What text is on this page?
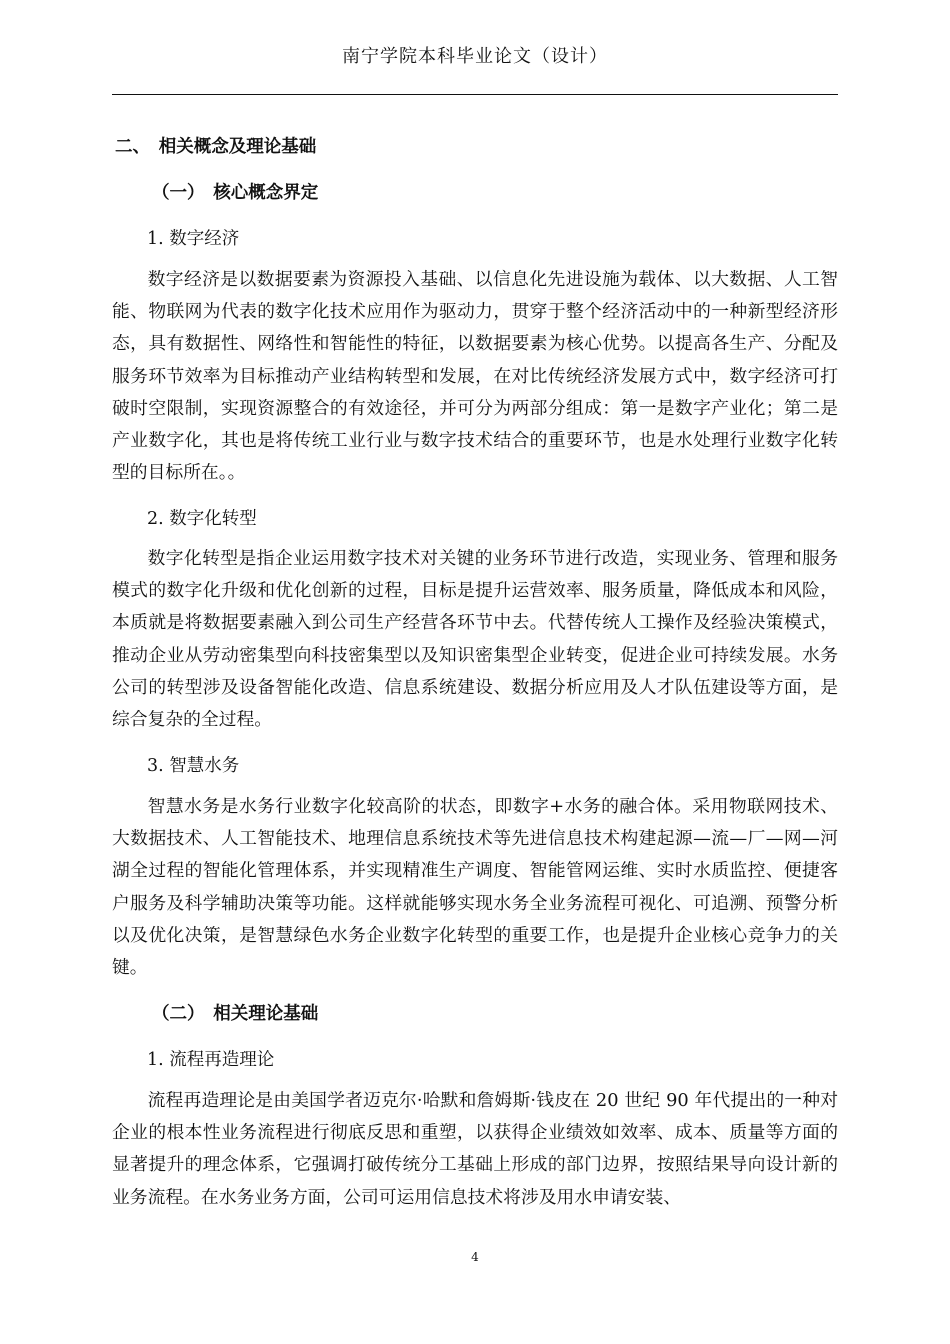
南宁学院本科毕业论文（设计）
二、　相关概念及理论基础
（一）　核心概念界定
1. 数字经济

数字经济是以数据要素为资源投入基础、以信息化先进设施为载体、以大数据、人工智能、物联网为代表的数字化技术应用作为驱动力，贯穿于整个经济活动中的一种新型经济形态，具有数据性、网络性和智能性的特征，以数据要素为核心优势。以提高各生产、分配及服务环节效率为目标推动产业结构转型和发展，在对比传统经济发展方式中，数字经济可打破时空限制，实现资源整合的有效途径，并可分为两部分组成：第一是数字产业化；第二是产业数字化，其也是将传统工业行业与数字技术结合的重要环节，也是水处理行业数字化转型的目标所在。。

2. 数字化转型

数字化转型是指企业运用数字技术对关键的业务环节进行改造，实现业务、管理和服务模式的数字化升级和优化创新的过程，目标是提升运营效率、服务质量，降低成本和风险，本质就是将数据要素融入到公司生产经营各环节中去。代替传统人工操作及经验决策模式，推动企业从劳动密集型向科技密集型以及知识密集型企业转变，促进企业可持续发展。水务公司的转型涉及设备智能化改造、信息系统建设、数据分析应用及人才队伍建设等方面，是综合复杂的全过程。

3. 智慧水务

智慧水务是水务行业数字化较高阶的状态，即数字+水务的融合体。采用物联网技术、大数据技术、人工智能技术、地理信息系统技术等先进信息技术构建起源—流—厂—网—河湖全过程的智能化管理体系，并实现精准生产调度、智能管网运维、实时水质监控、便捷客户服务及科学辅助决策等功能。这样就能够实现水务全业务流程可视化、可追溯、预警分析以及优化决策，是智慧绿色水务企业数字化转型的重要工作，也是提升企业核心竞争力的关键。

（二）　相关理论基础
1. 流程再造理论

流程再造理论是由美国学者迈克尔·哈默和詹姆斯·钱皮在 20 世纪 90 年代提出的一种对企业的根本性业务流程进行彻底反思和重塑，以获得企业绩效如效率、成本、质量等方面的显著提升的理念体系，它强调打破传统分工基础上形成的部门边界，按照结果导向设计新的业务流程。在水务业务方面，公司可运用信息技术将涉及用水申请安装、

4
